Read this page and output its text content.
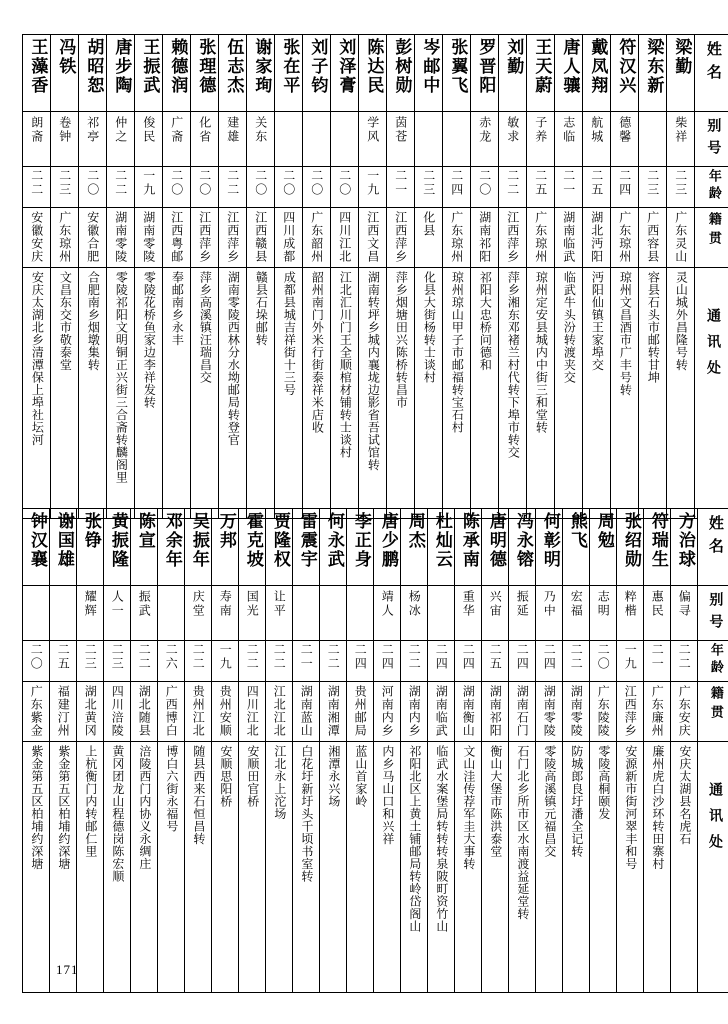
王藻香	冯铁	胡昭恕	唐步陶	王振武	赖德润	张理德	伍志杰	谢家珣	张在平	刘子钧	刘泽膏	陈达民	彭树勋	岑邮中	张翼飞	罗晋阳	刘勤	王天蔚	唐人骧	戴凤翔	符汉兴	梁东新	梁勤	姓名
朗斋	卷钟	祁亭	仲之	俊民	广斋	化省	建雄	关东				学风	茵苍			赤龙	敏求	子养	志临	航城	德馨		柴祥	别号
二二	二三	二〇	二二	一九	二〇	二〇	二二	二〇	二〇	二〇	二〇	一九	二一	二三	二四	二〇	二二	二五	二一	二五	二四	二三	二三	年龄
安徽安庆	广东琼州	安徽合肥	湖南零陵	湖南零陵	江西粤邮	江西萍乡	江西萍乡	江西赣县	四川成都	广东韶州	四川江北	江西文昌	江西萍乡	化县	广东琼州	湖南祁阳	江西萍乡	广东琼州	湖南临武	湖北沔阳	广东琼州	广西容县	广东灵山	籍贯
安庆太湖北乡清潭保上埠社坛河	文昌东交市敬泰堂	合肥南乡烟墩集转	零陵祁阳文明铜正兴街三合斋转麟阁里	零陵花桥鱼家边李祥发转	奉邮南乡永丰	萍乡高溪镇汪瑞昌交	湖南零陵西林分水坳邮局转登官	赣县石垛邮转	成都县城吉祥街十三号	韶州南门外米行街泰祥米店收	江北汇川门王全顺棺材铺转士谈村	湖南转坪乡城内襄垅边影省吾试馆转	萍乡烟塘田兴陈桥转昌市	化县大街杨转士谈村	琼州琼山甲子市邮福转宝石村	祁阳大忠桥问德和	萍乡湘东邓褚兰村代转下埠市转交	琼州定安县城内中街三和堂转	临武牛头汾转渡夹交	沔阳仙镇王家埠交	琼州文昌酒市广丰号转	容县石头市邮转甘坤	灵山城外昌隆号转	通讯处
钟汉襄	谢国雄	张铮	黄振隆	陈宣	邓余年	吴振年	万邦	霍克坡	贾隆权	雷震宇	何永武	李正身	唐少鹏	周杰	杜灿云	陈承南	唐明德	冯永镕	何彰明	熊飞	周勉	张绍勋	符瑞生	方治球	姓名
		耀辉	人一	振武		庆堂	寿南	国光	让平				靖人	杨冰		重华	兴宙	振延	乃中	宏福	志明	粹楷	惠民	偏寻	别号
二〇	二五	二三	二三	二二	二六	二二	一九	二二	二二	二一	二二	二四	二四	二二	二四	二四	二五	二四	二四	二二	二〇	一九	二一	二二	年龄
广东紫金	福建汀州	湖北黄冈	四川涪陵	湖北随县	广西博白	贵州江北	贵州安顺	四川江北	江北江北	湖南蓝山	湖南湘潭	贵州邮局	河南内乡	湖南内乡	湖南临武	湖南衡山	湖南祁阳	湖南石门	湖南零陵	湖南零陵	广东陵陵	江西萍乡	广东廉州	广东安庆	籍贯
紫金第五区柏埔约深塘	紫金第五区柏埔约深塘	上杭衡门内转邮仁里	黄冈团龙山程德岗陈宏顺	涪陵西门内协义永绸庄	博白六街永福号	随县西来石恒昌转	安顺思阳桥	安顺田官桥	江北永上沱场	白花圩新圩头千顷书室转	湘潭永兴场	蓝山首家岭	内乡马山口和兴祥	祁阳北区上黄土铺邮局转岭岱阁山	临武水案堡局转转转泉陂町资竹山	文山洼传荐军圭大事转	衡山大堡市陈洪泰堂	石门北乡所市区水南渡益延堂转	零陵高溪镇元福昌交	防城郎良圩潘全记转	零陵高桐颐发	安源新市街河翠丰和号	廉州虎白沙环转田寨村	安庆太湖县名虎石	通讯处
171
